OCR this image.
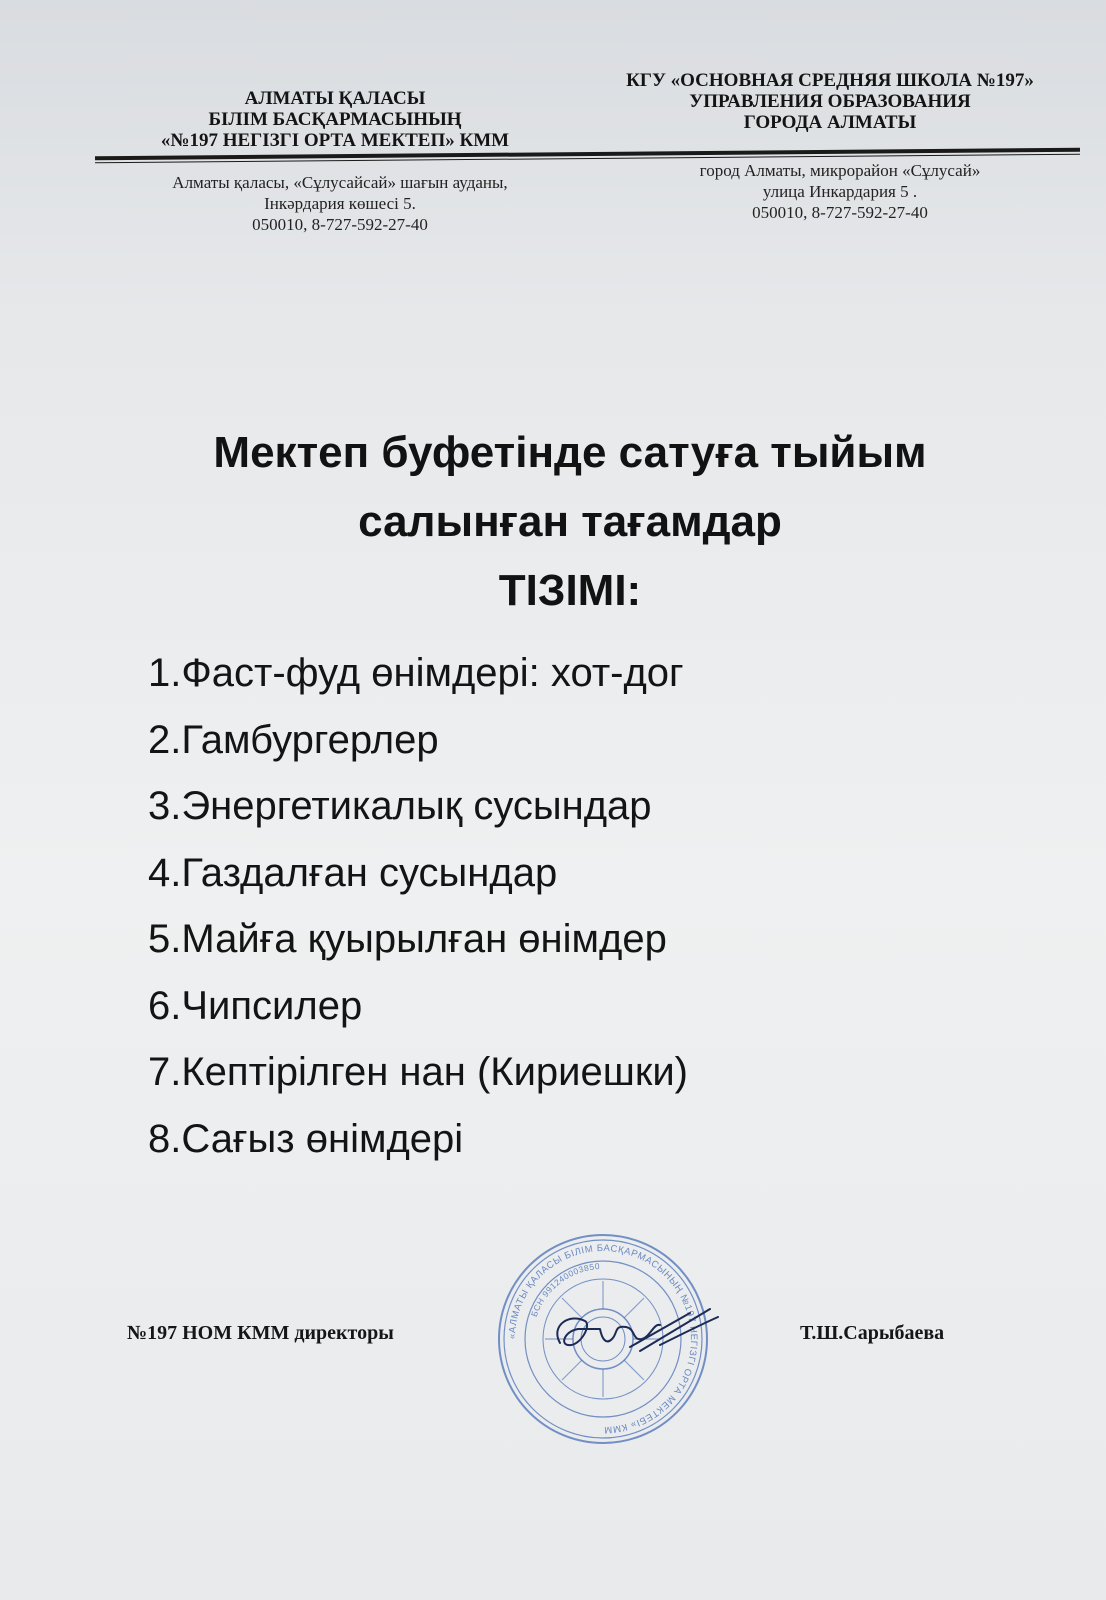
АЛМАТЫ ҚАЛАСЫ
БІЛІМ БАСҚАРМАСЫНЫҢ
«№197 НЕГІЗГІ ОРТА МЕКТЕП» КММ
КГУ «ОСНОВНАЯ СРЕДНЯЯ ШКОЛА №197»
УПРАВЛЕНИЯ ОБРАЗОВАНИЯ
ГОРОДА АЛМАТЫ
Алматы қаласы, «Сұлусайсай» шағын ауданы,
Інкәрдария көшесі 5.
050010, 8-727-592-27-40
город Алматы, микрорайон «Сұлусай»
улица Инкардария 5 .
050010, 8-727-592-27-40
Мектеп буфетінде сатуға тыйым
салынған тағамдар
ТІЗІМІ:
1.Фаст-фуд өнімдері: хот-дог
2.Гамбургерлер
3.Энергетикалық сусындар
4.Газдалған сусындар
5.Майға қуырылған өнімдер
6.Чипсилер
7.Кептірілген нан (Кириешки)
8.Сағыз өнімдері
«АЛМАТЫ ҚАЛАСЫ БІЛІМ БАСҚАРМАСЫНЫҢ №197 НЕГІЗГІ ОРТА МЕКТЕБІ» КММ
БСН 991240003850
№197 НОМ КММ директоры	Т.Ш.Сарыбаева
